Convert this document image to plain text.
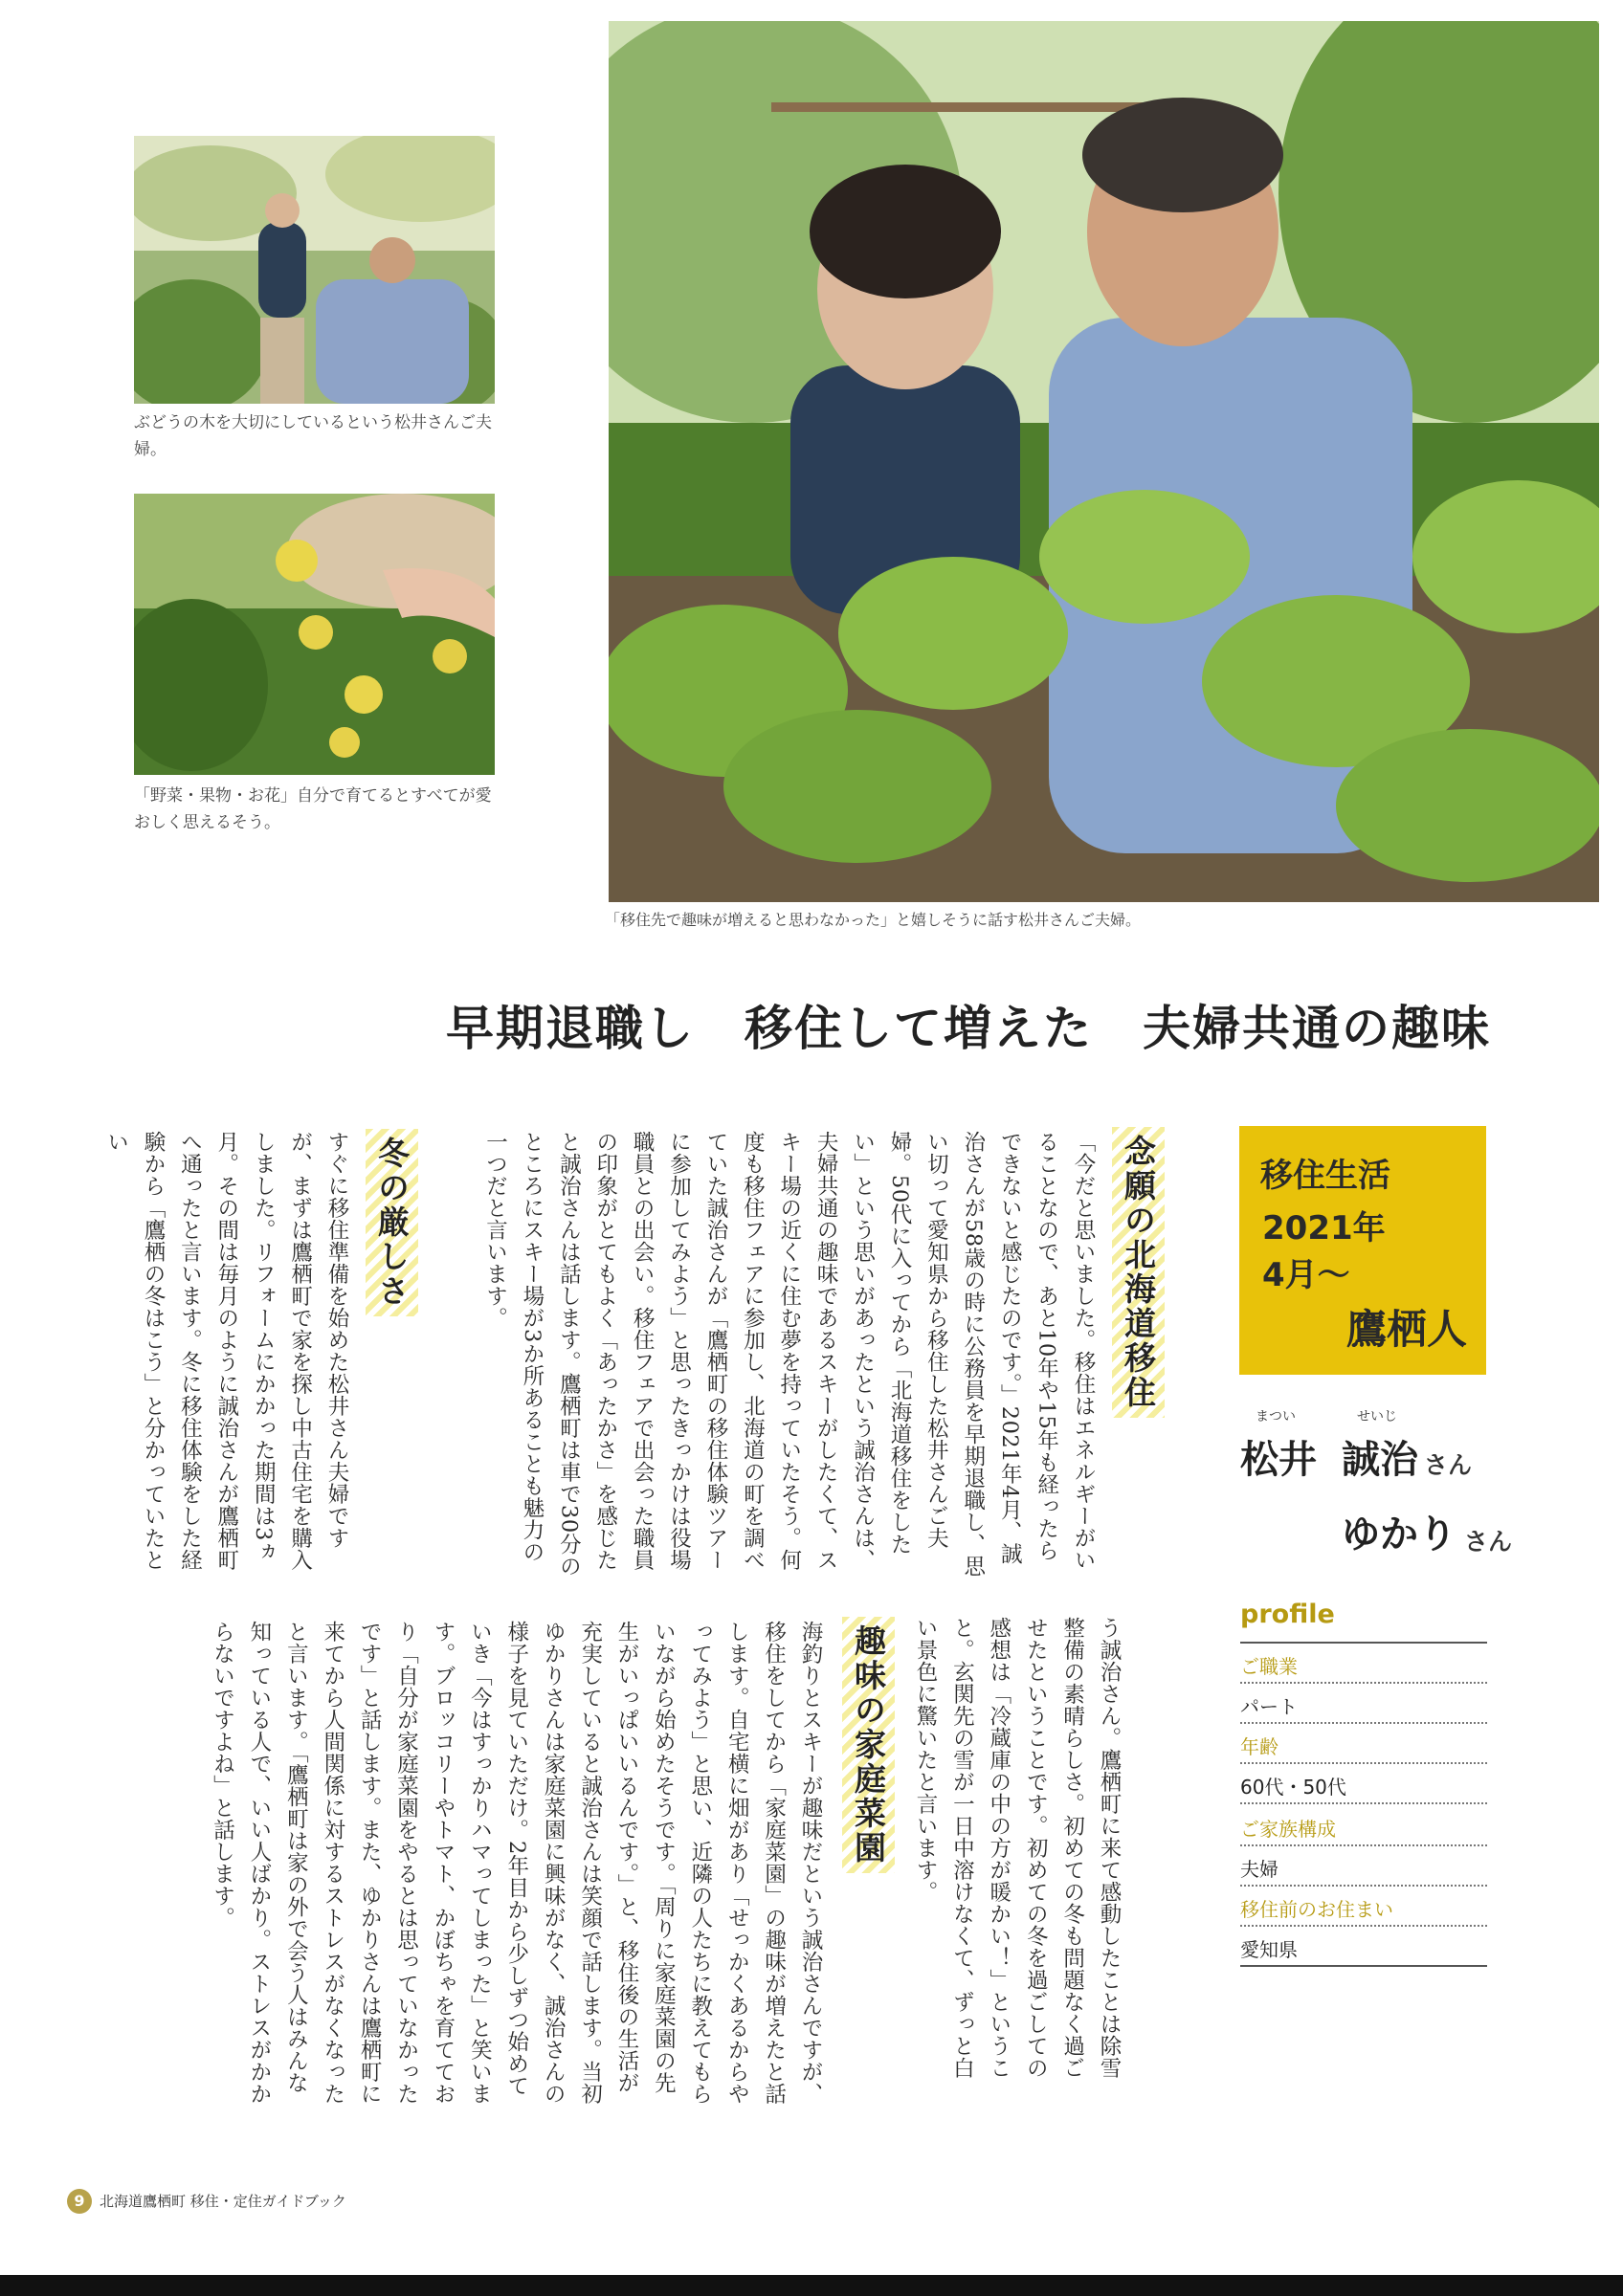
ぶどうの木を大切にしているという松井さんご夫婦。
「野菜・果物・お花」自分で育てるとすべてが愛おしく思えるそう。
「移住先で趣味が増えると思わなかった」と嬉しそうに話す松井さんご夫婦。
早期退職し　移住して増えた　夫婦共通の趣味
念願の北海道移住
「今だと思いました。移住はエネルギーがいることなので、あと10年や15年も経ったらできないと感じたのです。」2021年4月、誠治さんが58歳の時に公務員を早期退職し、思い切って愛知県から移住した松井さんご夫婦。50代に入ってから「北海道移住をしたい」という思いがあったという誠治さんは、夫婦共通の趣味であるスキーがしたくて、スキー場の近くに住む夢を持っていたそう。何度も移住フェアに参加し、北海道の町を調べていた誠治さんが「鷹栖町の移住体験ツアーに参加してみよう」と思ったきっかけは役場職員との出会い。移住フェアで出会った職員の印象がとてもよく「あったかさ」を感じたと誠治さんは話します。鷹栖町は車で30分のところにスキー場が3か所あることも魅力の一つだと言います。
冬の厳しさ
すぐに移住準備を始めた松井さん夫婦ですが、まずは鷹栖町で家を探し中古住宅を購入しました。リフォームにかかった期間は3ヵ月。その間は毎月のように誠治さんが鷹栖町へ通ったと言います。冬に移住体験をした経験から「鷹栖の冬はこう」と分かっていたとい
う誠治さん。鷹栖町に来て感動したことは除雪整備の素晴らしさ。初めての冬も問題なく過ごせたということです。初めての冬を過ごしての感想は「冷蔵庫の中の方が暖かい！」ということ。玄関先の雪が一日中溶けなくて、ずっと白い景色に驚いたと言います。
趣味の家庭菜園
海釣りとスキーが趣味だという誠治さんですが、移住をしてから「家庭菜園」の趣味が増えたと話します。自宅横に畑があり「せっかくあるからやってみよう」と思い、近隣の人たちに教えてもらいながら始めたそうです。「周りに家庭菜園の先生がいっぱいいるんです。」と、移住後の生活が充実していると誠治さんは笑顔で話します。当初ゆかりさんは家庭菜園に興味がなく、誠治さんの様子を見ていただけ。2年目から少しずつ始めていき「今はすっかりハマってしまった」と笑います。ブロッコリーやトマト、かぼちゃを育てており「自分が家庭菜園をやるとは思っていなかったです」と話します。また、ゆかりさんは鷹栖町に来てから人間関係に対するストレスがなくなったと言います。「鷹栖町は家の外で会う人はみんな知っている人で、いい人ばかり。ストレスがかからないですよね」と話します。
移住生活
2021年
4月～
鷹栖人
まつい	せいじ
松井 誠治 さん
ゆかり さん
profile
ご職業
パート
年齢
60代・50代
ご家族構成
夫婦
移住前のお住まい
愛知県
9	北海道鷹栖町 移住・定住ガイドブック
